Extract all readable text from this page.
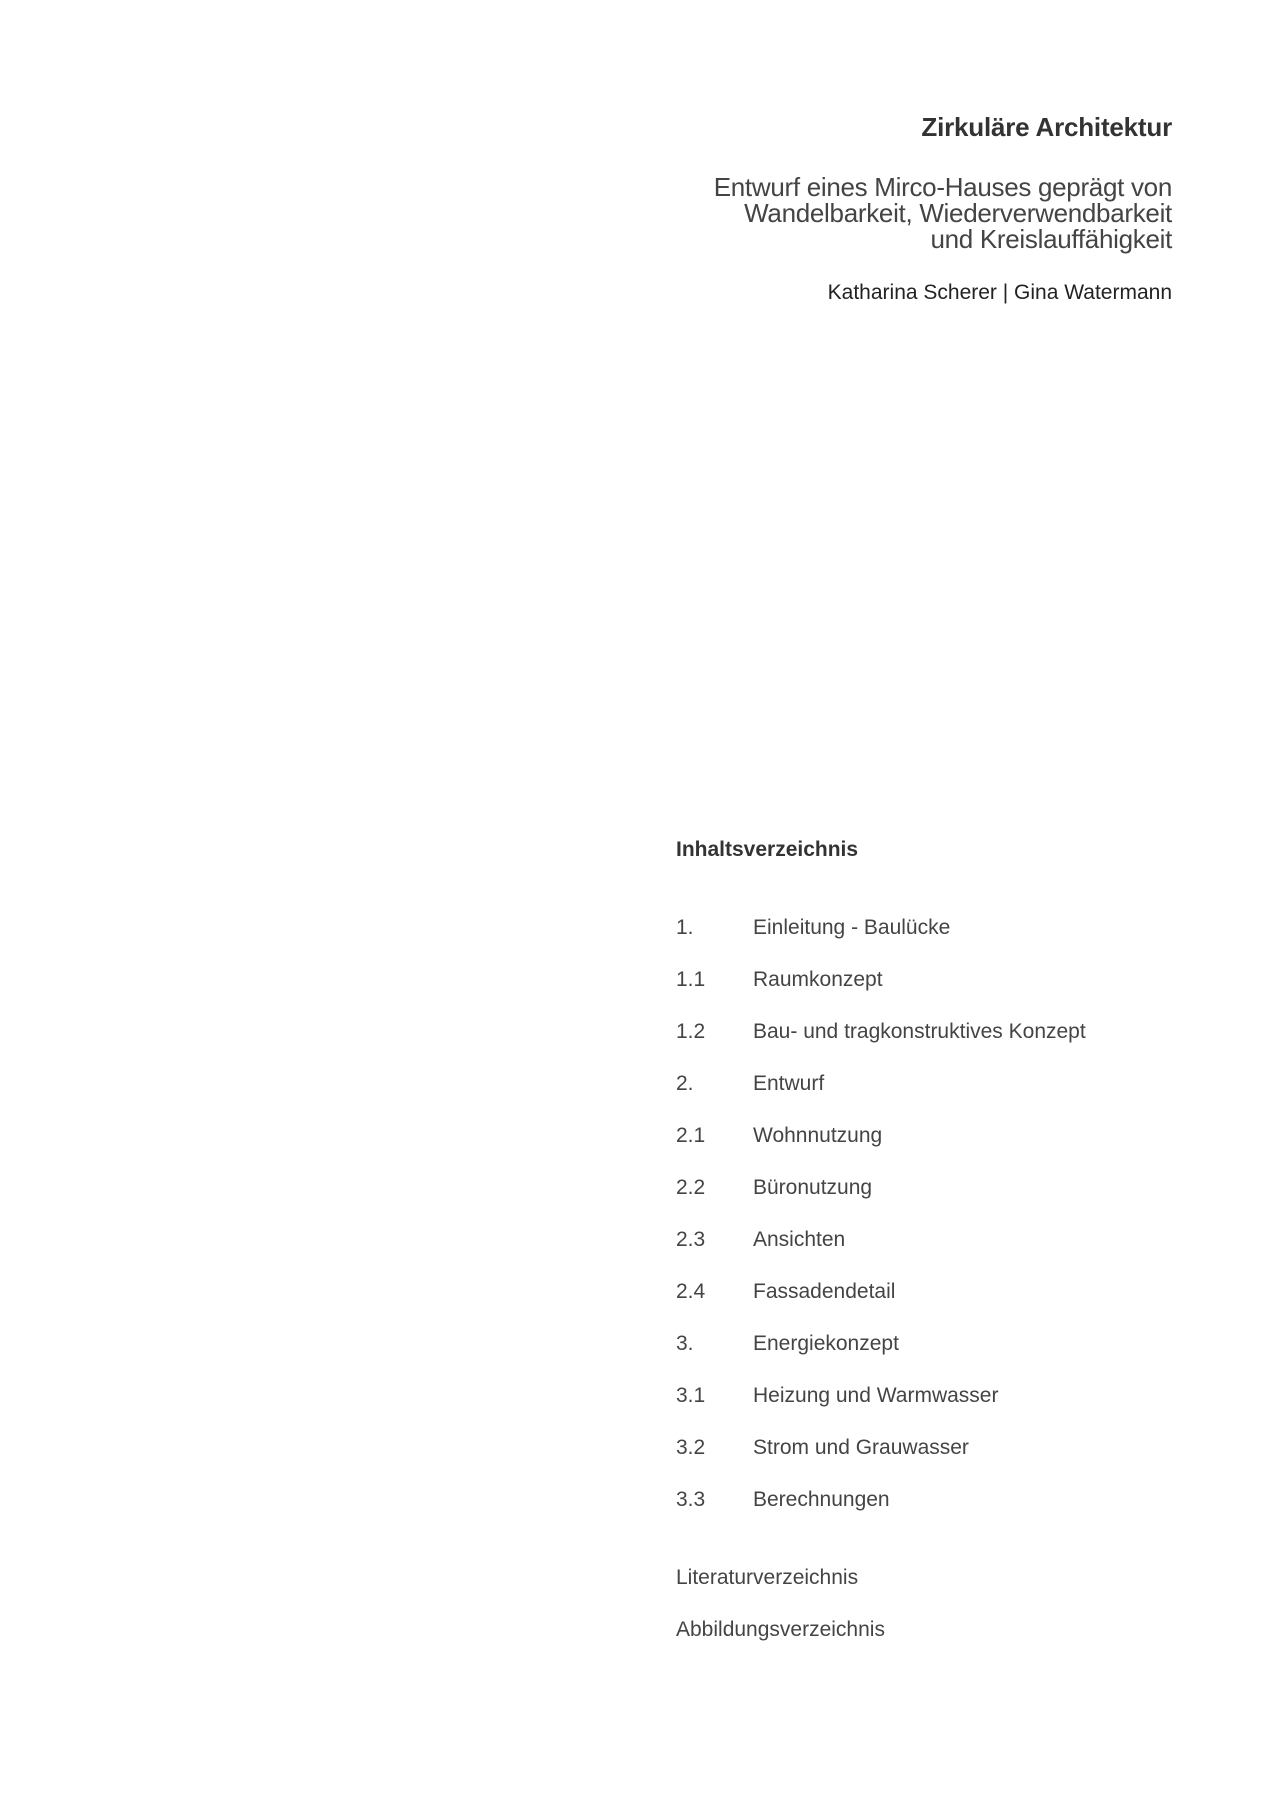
Zirkuläre Architektur
Entwurf eines Mirco-Hauses geprägt von
Wandelbarkeit, Wiederverwendbarkeit
und Kreislauffähigkeit
Katharina Scherer | Gina Watermann
Inhaltsverzeichnis
1.	Einleitung - Baulücke
1.1	Raumkonzept
1.2	Bau- und tragkonstruktives Konzept
2.	Entwurf
2.1	Wohnnutzung
2.2	Büronutzung
2.3	Ansichten
2.4	Fassadendetail
3.	Energiekonzept
3.1	Heizung und Warmwasser
3.2	Strom und Grauwasser
3.3	Berechnungen
Literaturverzeichnis
Abbildungsverzeichnis
